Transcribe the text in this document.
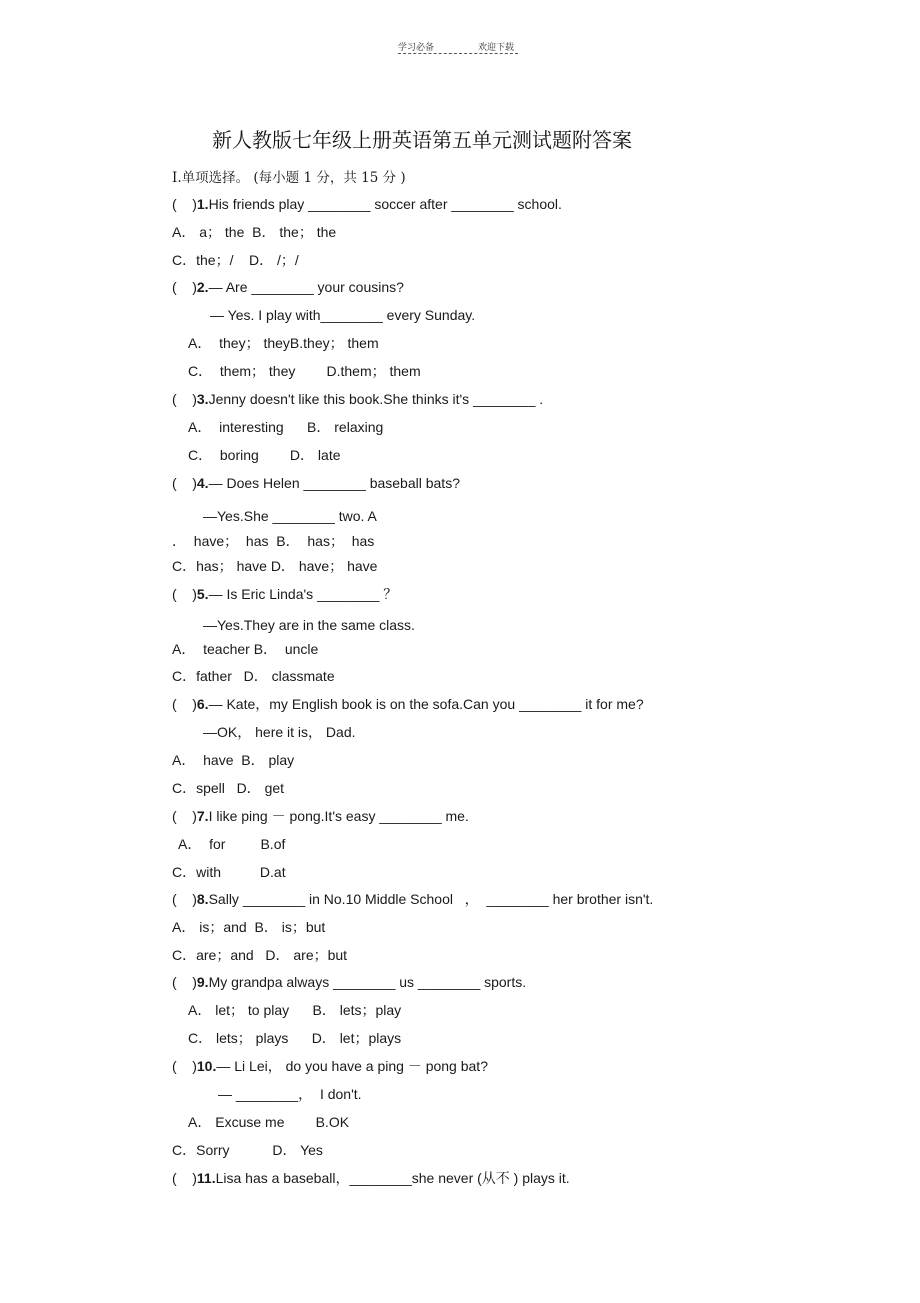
学习必备	欢迎下载
新人教版七年级上册英语第五单元测试题附答案
Ⅰ.单项选择。 (每小题 1 分，共 15 分 )
(    )1.His friends play ________ soccer after ________ school.
A． a； the  B． the； the
C．the；/    D． /；/
(    )2.— Are ________ your cousins?
— Yes. I play with________ every Sunday.
A．  they； theyB.they； them
C．  them； they        D.them； them
(    )3.Jenny doesn't like this book.She thinks it's ________ .
A．  interesting      B． relaxing
C．  boring        D． late
(    )4.— Does Helen ________ baseball bats?
—Yes.She ________ two. A
．  have；  has  B．  has；  has
C．has； have D． have； have
(    )5.— Is Eric Linda's ________ ？
—Yes.They are in the same class.
A．  teacher B．  uncle
C．father   D． classmate
(    )6.— Kate，my English book is on the sofa.Can you ________ it for me?
—OK， here it is， Dad.
A．  have  B． play
C．spell   D． get
(    )7.I like ping － pong.It's easy ________ me.
A．  for         B.of
C．with          D.at
(    )8.Sally ________ in No.10 Middle School   ，  ________ her brother isn't.
A． is；and  B． is；but
C．are；and   D． are；but
(    )9.My grandpa always ________ us ________ sports.
A． let； to play      B． lets；play
C． lets； plays      D． let；plays
(    )10.— Li Lei， do you have a ping － pong bat?
— ________，  I don't.
A． Excuse me        B.OK
C．Sorry           D． Yes
(    )11.Lisa has a baseball，________she never (从不 ) plays it.
